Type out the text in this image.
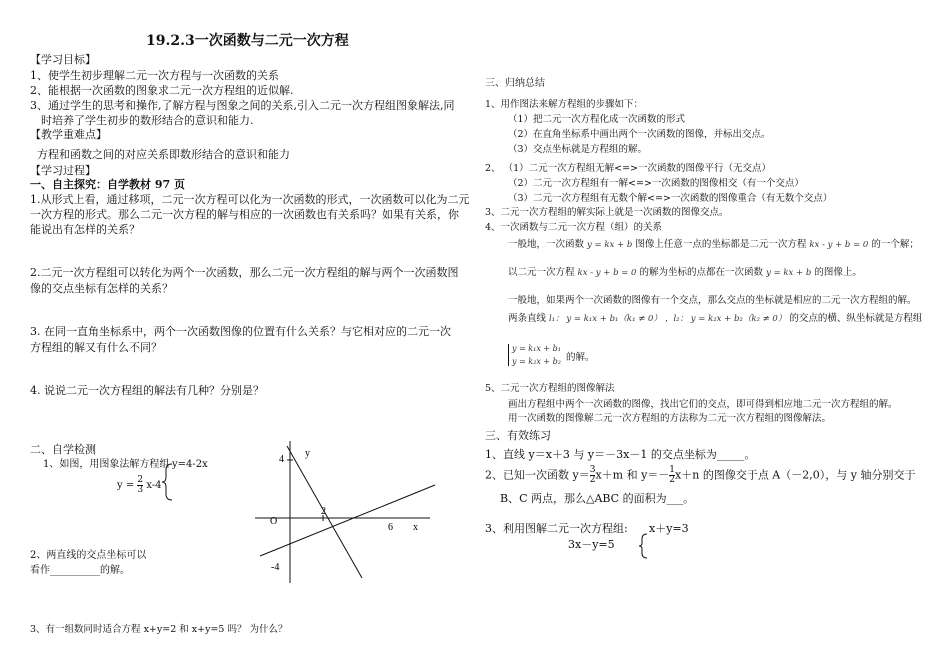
19.2.3一次函数与二元一次方程
【学习目标】
1、使学生初步理解二元一次方程与一次函数的关系
2、能根据一次函数的图象求二元一次方程组的近似解.
3、通过学生的思考和操作,了解方程与图象之间的关系,引入二元一次方程组图象解法,同
时培养了学生初步的数形结合的意识和能力.
【教学重难点】
方程和函数之间的对应关系即数形结合的意识和能力
【学习过程】
一、自主探究：自学教材 97 页
1.从形式上看，通过移项，二元一次方程可以化为一次函数的形式，一次函数可以化为二元
一次方程的形式。那么二元一次方程的解与相应的一次函数也有关系吗？如果有关系，你
能说出有怎样的关系？
2.二元一次方程组可以转化为两个一次函数，那么二元一次方程组的解与两个一次函数图
像的交点坐标有怎样的关系？
3. 在同一直角坐标系中，两个一次函数图像的位置有什么关系？与它相对应的二元一次
方程组的解又有什么不同？
4. 说说二元一次方程组的解法有几种？分别是？
二、自学检测
1、如图，用图象法解方程组 y=4-2x
$y = \frac{2}{3} x-4$
2、两直线的交点坐标可以
看作__________的解。
3、有一组数同时适合方程 x+y=2 和 x+y=5 吗？ 为什么？
y
x
O
4
-4
2
6
三、归纳总结
1、用作图法来解方程组的步骤如下：
（1）把二元一次方程化成一次函数的形式
（2）在直角坐标系中画出两个一次函数的图像，并标出交点。
（3）交点坐标就是方程组的解。
2、 （1）二元一次方程组无解<=>一次函数的图像平行（无交点）
（2）二元一次方程组有一解<=>一次函数的图像相交（有一个交点）
（3）二元一次方程组有无数个解<=>一次函数的图像重合（有无数个交点）
3、二元一次方程组的解实际上就是一次函数的图像交点。
4、一次函数与二元一次方程（组）的关系
一般地，一次函数 y = kx + b 图像上任意一点的坐标都是二元一次方程 kx - y + b = 0 的一个解；
以二元一次方程 kx - y + b = 0 的解为坐标的点都在一次函数 y = kx + b 的图像上。
一般地，如果两个一次函数的图像有一个交点，那么交点的坐标就是相应的二元一次方程组的解。
两条直线 l₁： y = k₁x + b₁（k₁ ≠ 0） ，l₂： y = k₂x + b₂（k₂ ≠ 0） 的交点的横、纵坐标就是方程组
y = k₁x + b₁
y = k₂x + b₂ 的解。
5、二元一次方程组的图像解法
画出方程组中两个一次函数的图像，找出它们的交点，即可得到相应地二元一次方程组的解。
用一次函数的图像解二元一次方程组的方法称为二元一次方程组的图像解法。
三、有效练习
1、直线 y＝x＋3 与 y＝－3x－1 的交点坐标为_____。
2、已知一次函数 $y= \frac{3}{2} x+m$ 和 $y=- \frac{1}{2} x+n$ 的图像交于点 A（－2,0），与 y 轴分别交于
B、C 两点，那么△ABC 的面积为___。
3、利用图解二元一次方程组: x＋y=3
3x－y=5
